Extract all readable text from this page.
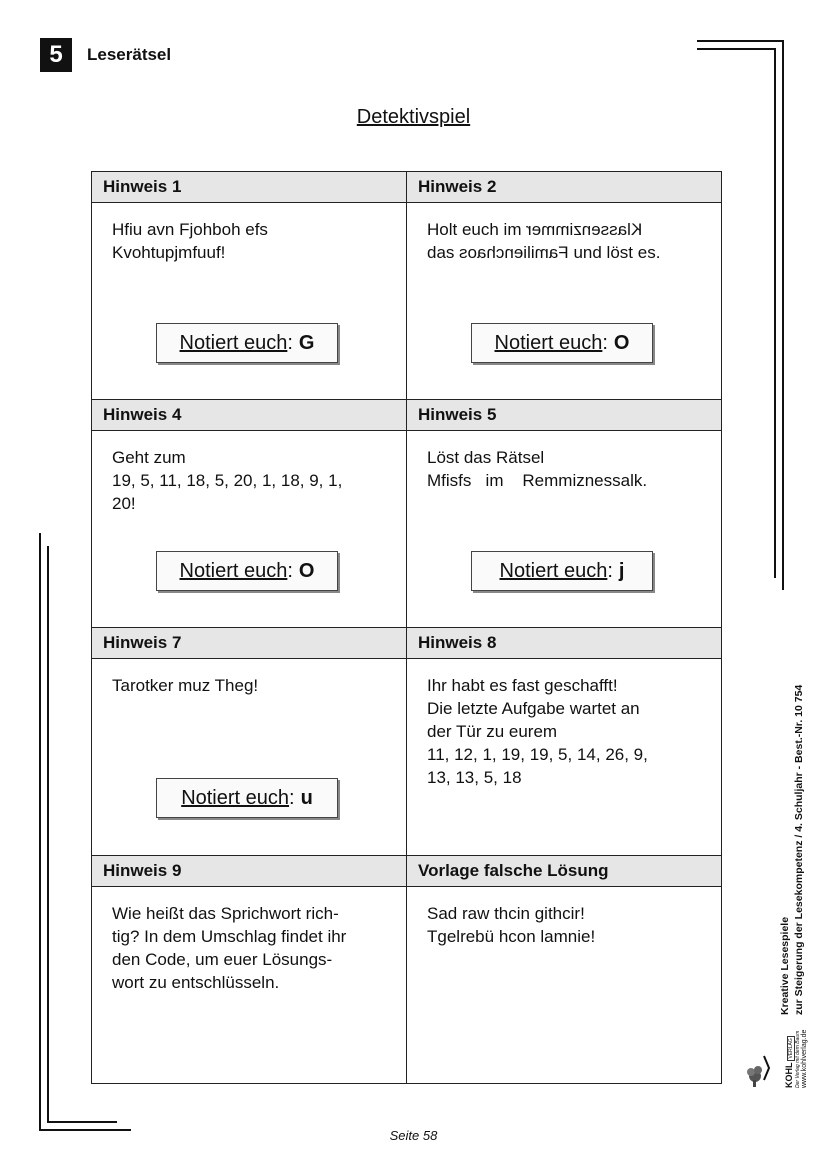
5 Leserätsel
Detektivspiel
Hinweis 1
Hfiu avn Fjohboh efs
Kvohtupjmfuuf!
Notiert euch : G
Hinweis 2
Holt euch im Klassenzimmer
das Familienchaos und löst es.
Notiert euch : O
Hinweis 4
Geht zum
19, 5, 11, 18, 5, 20, 1, 18, 9, 1,
20!
Notiert euch : O
Hinweis 5
Löst das Rätsel
Mfisfs   im    Remmiznessalk.
Notiert euch : j
Hinweis 7
Tarotker muz Theg!
Notiert euch : u
Hinweis 8
Ihr habt es fast geschafft!
Die letzte Aufgabe wartet an
der Tür zu eurem
11, 12, 1, 19, 19, 5, 14, 26, 9,
13, 13, 5, 18
Hinweis 9
Wie heißt das Sprichwort rich-
tig? In dem Umschlag findet ihr
den Code, um euer Lösungs-
wort zu entschlüsseln.
Vorlage falsche Lösung
Sad raw thcin githcir!
Tgelrebü hcon lamnie!	Kreative Lesespiele zur Steigerung der Lesekompetenz / 4. Schuljahr - Best.-Nr. 10 754
KOHL VERLAG
Der Verlag mit dem Baum
www.kohlverlag.de
Seite 58
